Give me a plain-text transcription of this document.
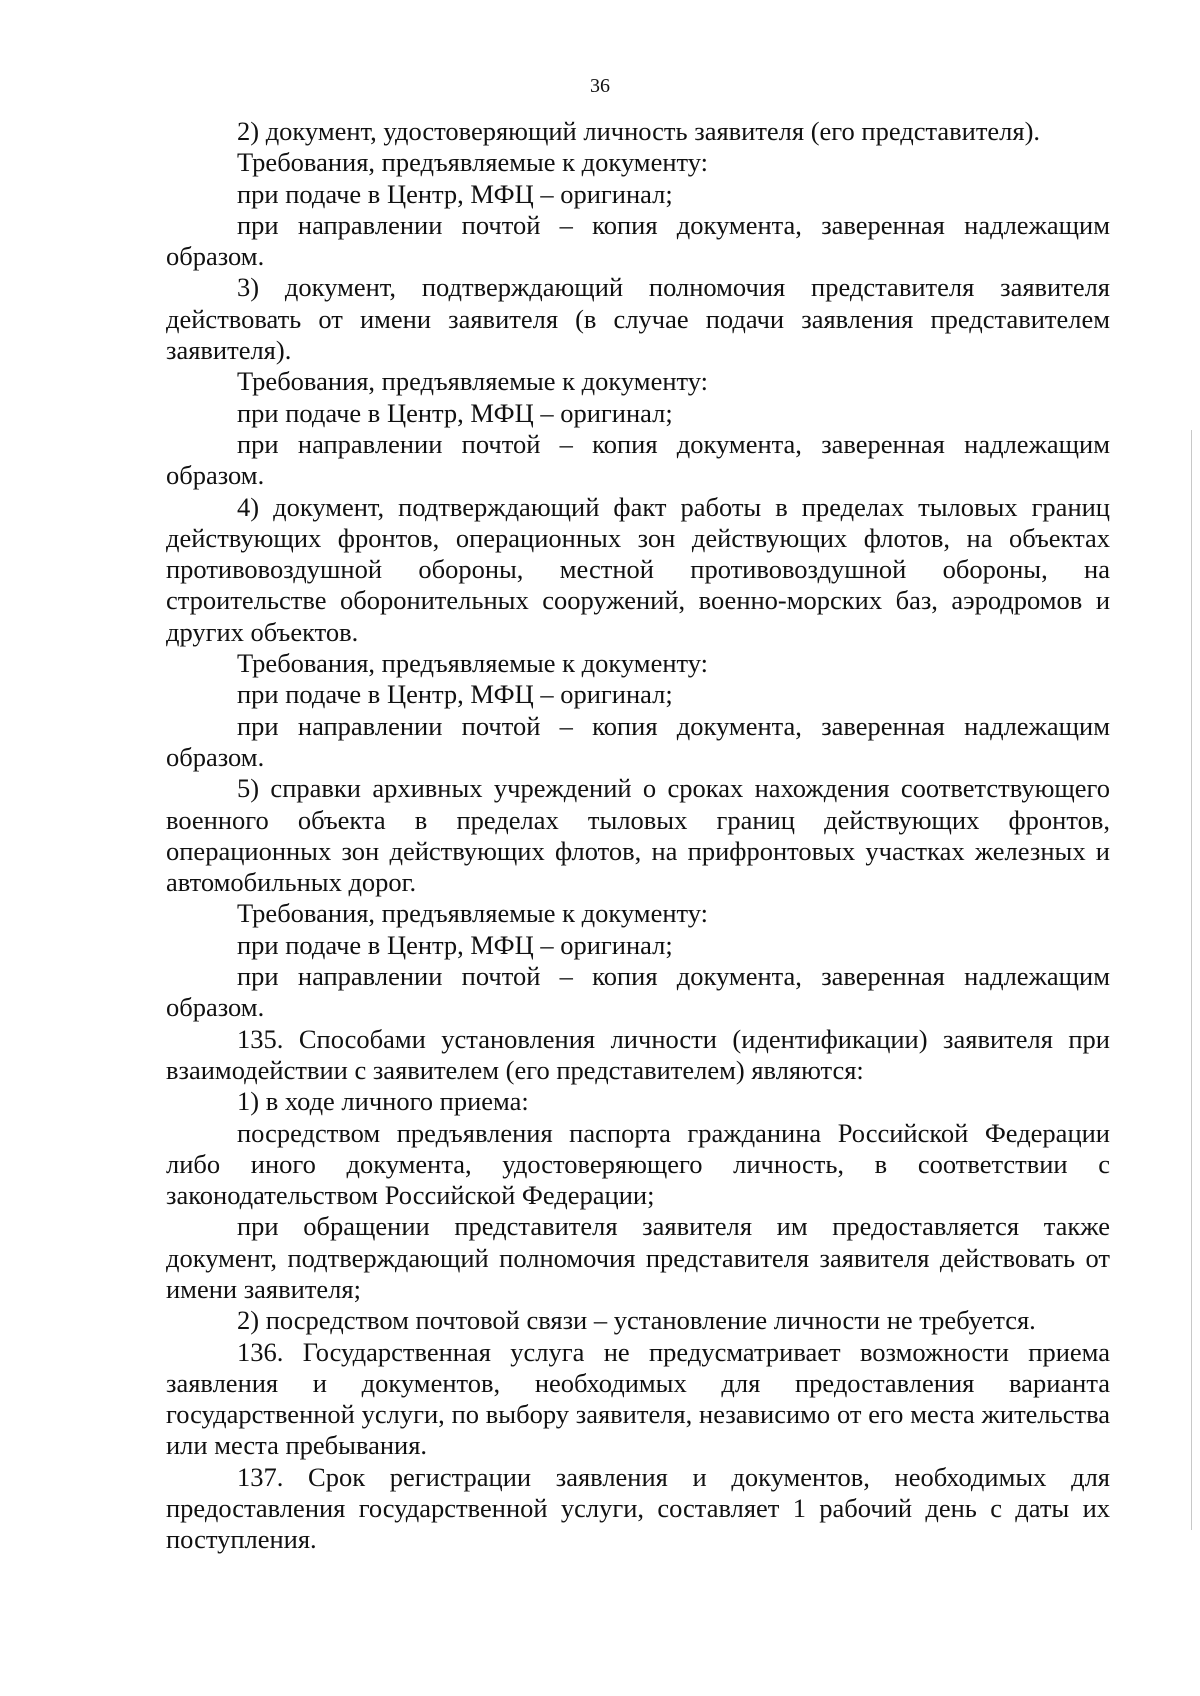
36

2) документ, удостоверяющий личность заявителя (его представителя).

Требования, предъявляемые к документу:

при подаче в Центр, МФЦ – оригинал;

при направлении почтой – копия документа, заверенная надлежащим образом.

3) документ, подтверждающий полномочия представителя заявителя действовать от имени заявителя (в случае подачи заявления представителем заявителя).

Требования, предъявляемые к документу:

при подаче в Центр, МФЦ – оригинал;

при направлении почтой – копия документа, заверенная надлежащим образом.

4) документ, подтверждающий факт работы в пределах тыловых границ действующих фронтов, операционных зон действующих флотов, на объектах противовоздушной обороны, местной противовоздушной обороны, на строительстве оборонительных сооружений, военно-морских баз, аэродромов и других объектов.

Требования, предъявляемые к документу:

при подаче в Центр, МФЦ – оригинал;

при направлении почтой – копия документа, заверенная надлежащим образом.

5) справки архивных учреждений о сроках нахождения соответствующего военного объекта в пределах тыловых границ действующих фронтов, операционных зон действующих флотов, на прифронтовых участках железных и автомобильных дорог.

Требования, предъявляемые к документу:

при подаче в Центр, МФЦ – оригинал;

при направлении почтой – копия документа, заверенная надлежащим образом.

135. Способами установления личности (идентификации) заявителя при взаимодействии с заявителем (его представителем) являются:

1) в ходе личного приема:

посредством предъявления паспорта гражданина Российской Федерации либо иного документа, удостоверяющего личность, в соответствии с законодательством Российской Федерации;

при обращении представителя заявителя им предоставляется также документ, подтверждающий полномочия представителя заявителя действовать от имени заявителя;

2) посредством почтовой связи – установление личности не требуется.

136. Государственная услуга не предусматривает возможности приема заявления и документов, необходимых для предоставления варианта государственной услуги, по выбору заявителя, независимо от его места жительства или места пребывания.

137. Срок регистрации заявления и документов, необходимых для предоставления государственной услуги, составляет 1 рабочий день с даты их поступления.
